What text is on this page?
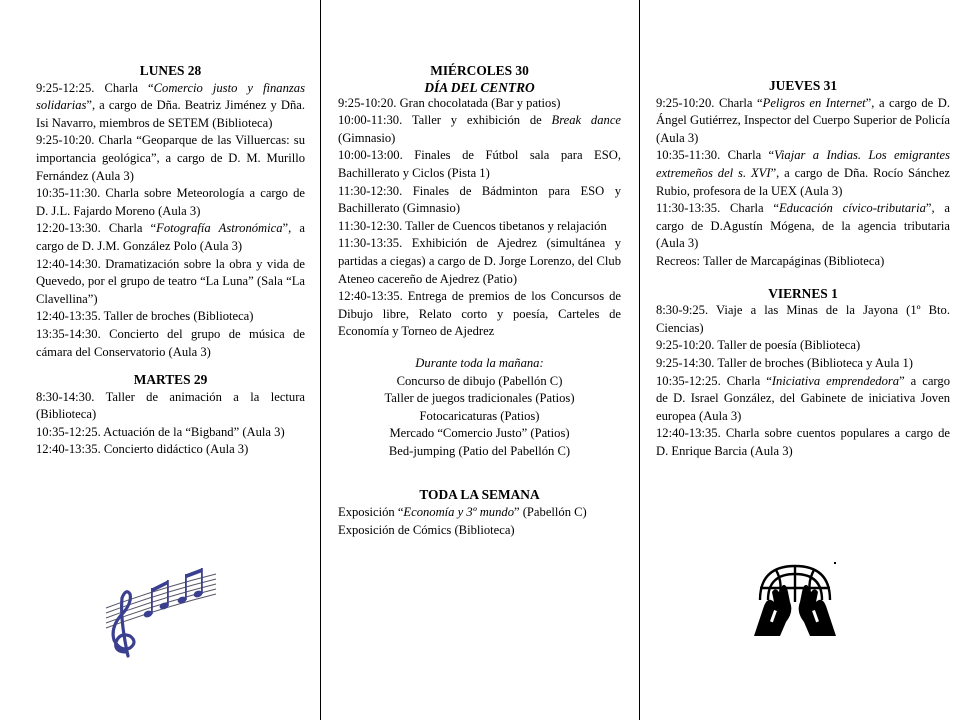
LUNES 28

9:25-12:25. Charla “Comercio justo y finanzas solidarias”, a cargo de Dña. Beatriz Jiménez y Dña. Isi Navarro, miembros de SETEM (Biblioteca)

9:25-10:20. Charla “Geoparque de las Villuercas: su importancia geológica”, a cargo de D. M. Murillo Fernández (Aula 3)

10:35-11:30. Charla sobre Meteorología a cargo de D. J.L. Fajardo Moreno (Aula 3)

12:20-13:30. Charla “Fotografía Astronómica”, a cargo de D. J.M. González Polo (Aula 3)

12:40-14:30. Dramatización sobre la obra y vida de Quevedo, por el grupo de teatro “La Luna” (Sala “La Clavellina”)

12:40-13:35. Taller de broches (Biblioteca)

13:35-14:30. Concierto del grupo de música de cámara del Conservatorio (Aula 3)

MARTES 29

8:30-14:30. Taller de animación a la lectura (Biblioteca)

10:35-12:25. Actuación de la “Bigband” (Aula 3)

12:40-13:35. Concierto didáctico (Aula 3)

MIÉRCOLES 30
DÍA DEL CENTRO

9:25-10:20. Gran chocolatada (Bar y patios)

10:00-11:30. Taller y exhibición de Break dance (Gimnasio)

10:00-13:00. Finales de Fútbol sala para ESO, Bachillerato y Ciclos (Pista 1)

11:30-12:30. Finales de Bádminton para ESO y Bachillerato (Gimnasio)

11:30-12:30. Taller de Cuencos tibetanos y relajación

11:30-13:35. Exhibición de Ajedrez (simultánea y partidas a ciegas) a cargo de D. Jorge Lorenzo, del Club Ateneo cacereño de Ajedrez (Patio)

12:40-13:35. Entrega de premios de los Concursos de Dibujo libre, Relato corto y poesía, Carteles de Economía y Torneo de Ajedrez

Durante toda la mañana:

Concurso de dibujo (Pabellón C)

Taller de juegos tradicionales (Patios)

Fotocaricaturas (Patios)

Mercado “Comercio Justo” (Patios)

Bed-jumping (Patio del Pabellón C)

TODA LA SEMANA

Exposición “Economía y 3º mundo” (Pabellón C)

Exposición de Cómics (Biblioteca)

JUEVES 31

9:25-10:20. Charla “Peligros en Internet”, a cargo de D. Ángel Gutiérrez, Inspector del Cuerpo Superior de Policía (Aula 3)

10:35-11:30. Charla “Viajar a Indias. Los emigrantes extremeños del s. XVI”, a cargo de Dña. Rocío Sánchez Rubio, profesora de la UEX (Aula 3)

11:30-13:35. Charla “Educación cívico-tributaria”, a cargo de D.Agustín Mógena, de la agencia tributaria (Aula 3)

Recreos: Taller de Marcapáginas (Biblioteca)

VIERNES 1

8:30-9:25. Viaje a las Minas de la Jayona (1º Bto. Ciencias)

9:25-10:20. Taller de poesía (Biblioteca)

9:25-14:30. Taller de broches (Biblioteca y Aula 1)

10:35-12:25. Charla “Iniciativa emprendedora” a cargo de D. Israel González, del Gabinete de iniciativa Joven europea (Aula 3)

12:40-13:35. Charla sobre cuentos populares a cargo de D. Enrique Barcia (Aula 3)
